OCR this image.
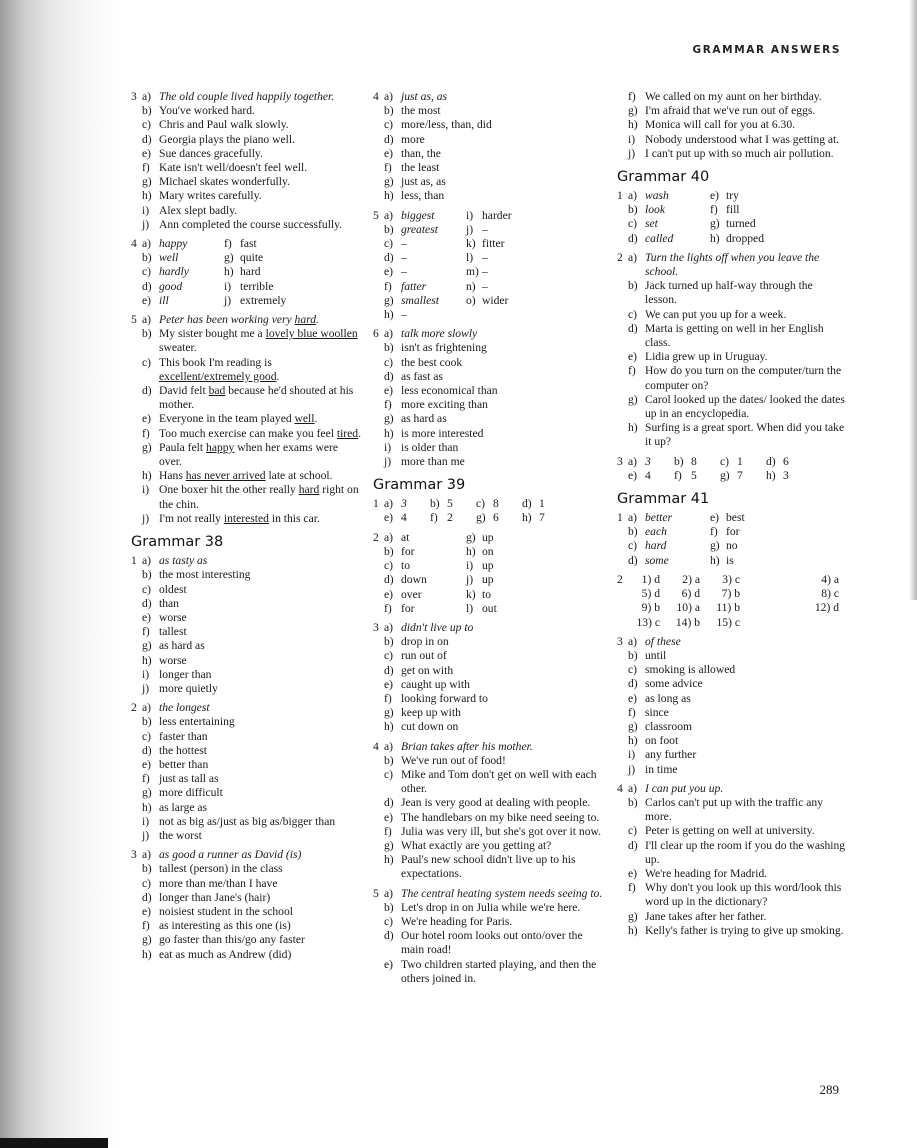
GRAMMAR ANSWERS
3 a) The old couple lived happily together.
b) You've worked hard.
c) Chris and Paul walk slowly.
d) Georgia plays the piano well.
e) Sue dances gracefully.
f) Kate isn't well/doesn't feel well.
g) Michael skates wonderfully.
h) Mary writes carefully.
i) Alex slept badly.
j) Ann completed the course successfully.
4 a) happy	f) fast
b) well	g) quite
c) hardly	h) hard
d) good	i) terrible
e) ill	j) extremely
5 a) Peter has been working very hard.
b) My sister bought me a lovely blue woollen sweater.
c) This book I'm reading is excellent/extremely good.
d) David felt bad because he'd shouted at his mother.
e) Everyone in the team played well.
f) Too much exercise can make you feel tired.
g) Paula felt happy when her exams were over.
h) Hans has never arrived late at school.
i) One boxer hit the other really hard right on the chin.
j) I'm not really interested in this car.
Grammar 38
1 a) as tasty as
b) the most interesting
c) oldest
d) than
e) worse
f) tallest
g) as hard as
h) worse
i) longer than
j) more quietly
2 a) the longest
b) less entertaining
c) faster than
d) the hottest
e) better than
f) just as tall as
g) more difficult
h) as large as
i) not as big as/just as big as/bigger than
j) the worst
3 a) as good a runner as David (is)
b) tallest (person) in the class
c) more than me/than I have
d) longer than Jane's (hair)
e) noisiest student in the school
f) as interesting as this one (is)
g) go faster than this/go any faster
h) eat as much as Andrew (did)
4 a) just as, as
b) the most
c) more/less, than, did
d) more
e) than, the
f) the least
g) just as, as
h) less, than
5 a) biggest	i) harder
b) greatest	j) –
c) –	k) fitter
d) –	l) –
e) –	m) –
f) fatter	n) –
g) smallest	o) wider
h) –
6 a) talk more slowly
b) isn't as frightening
c) the best cook
d) as fast as
e) less economical than
f) more exciting than
g) as hard as
h) is more interested
i) is older than
j) more than me
Grammar 39
1 a) 3	b) 5	c) 8	d) 1
e) 4	f) 2	g) 6	h) 7
2 a) at	g) up
b) for	h) on
c) to	i) up
d) down	j) up
e) over	k) to
f) for	l) out
3 a) didn't live up to
b) drop in on
c) run out of
d) get on with
e) caught up with
f) looking forward to
g) keep up with
h) cut down on
4 a) Brian takes after his mother.
b) We've run out of food!
c) Mike and Tom don't get on well with each other.
d) Jean is very good at dealing with people.
e) The handlebars on my bike need seeing to.
f) Julia was very ill, but she's got over it now.
g) What exactly are you getting at?
h) Paul's new school didn't live up to his expectations.
5 a) The central heating system needs seeing to.
b) Let's drop in on Julia while we're here.
c) We're heading for Paris.
d) Our hotel room looks out onto/over the main road!
e) Two children started playing, and then the others joined in.
f) We called on my aunt on her birthday.
g) I'm afraid that we've run out of eggs.
h) Monica will call for you at 6.30.
i) Nobody understood what I was getting at.
j) I can't put up with so much air pollution.
Grammar 40
1 a) wash	e) try
b) look	f) fill
c) set	g) turned
d) called	h) dropped
2 a) Turn the lights off when you leave the school.
b) Jack turned up half-way through the lesson.
c) We can put you up for a week.
d) Marta is getting on well in her English class.
e) Lidia grew up in Uruguay.
f) How do you turn on the computer/turn the computer on?
g) Carol looked up the dates/ looked the dates up in an encyclopedia.
h) Surfing is a great sport. When did you take it up?
3 a) 3	b) 8	c) 1	d) 6
e) 4	f) 5	g) 7	h) 3
Grammar 41
1 a) better	e) best
b) each	f) for
c) hard	g) no
d) some	h) is
2	1) d	2) a	3) c	4) a
5) d	6) d	7) b	8) c
9) b	10) a	11) b	12) d
13) c	14) b	15) c
3 a) of these
b) until
c) smoking is allowed
d) some advice
e) as long as
f) since
g) classroom
h) on foot
i) any further
j) in time
4 a) I can put you up.
b) Carlos can't put up with the traffic any more.
c) Peter is getting on well at university.
d) I'll clear up the room if you do the washing up.
e) We're heading for Madrid.
f) Why don't you look up this word/look this word up in the dictionary?
g) Jane takes after her father.
h) Kelly's father is trying to give up smoking.
289
